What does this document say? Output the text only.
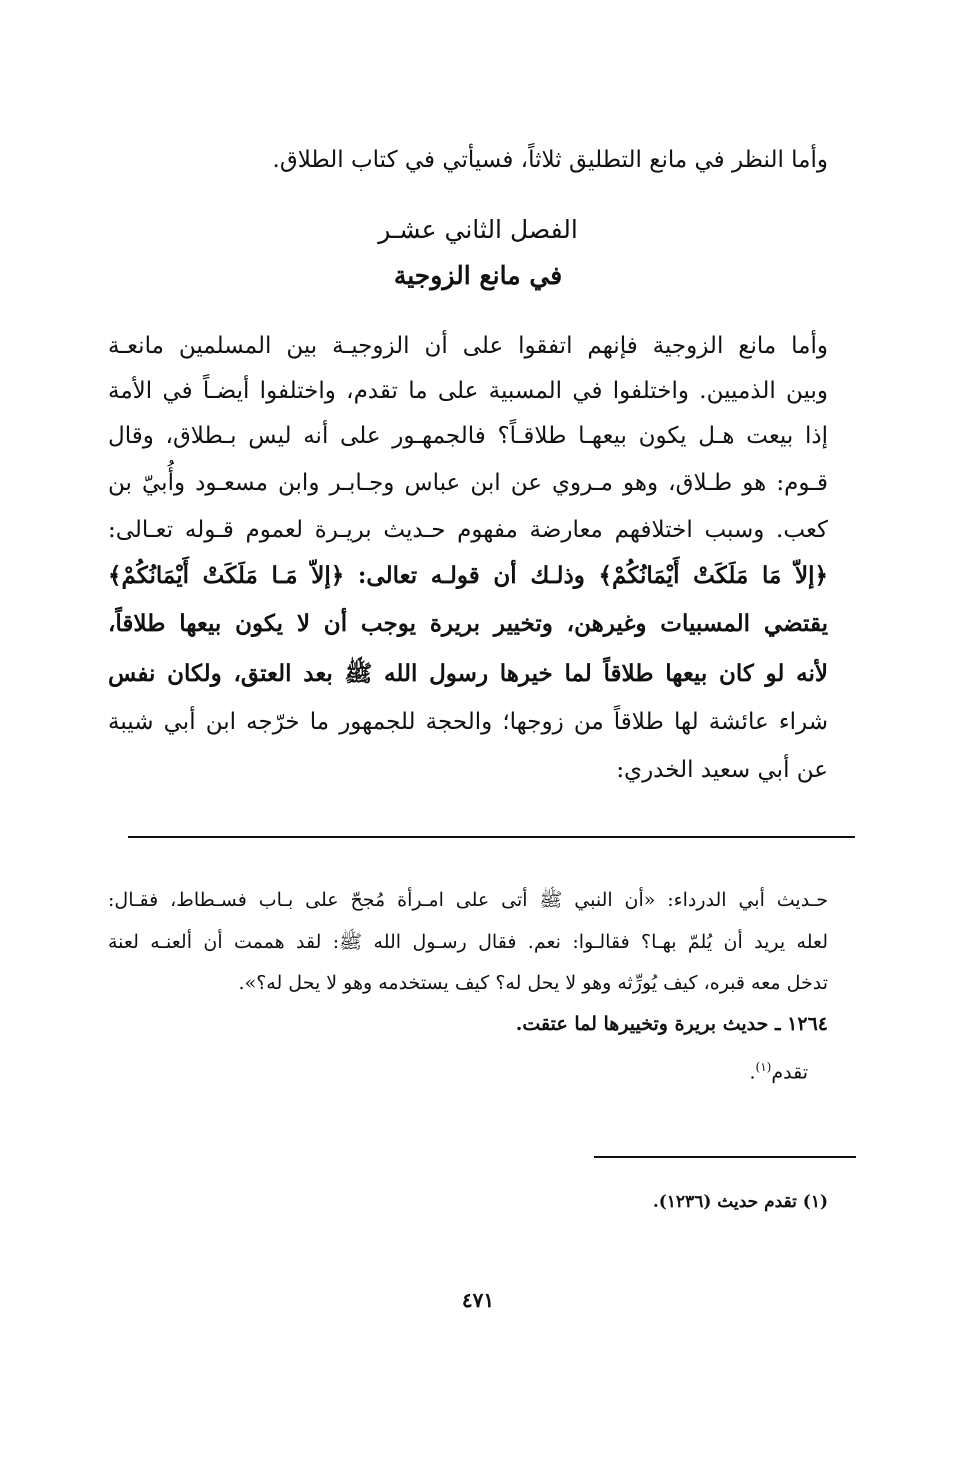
وأما النظر في مانع التطليق ثلاثاً، فسيأتي في كتاب الطلاق.
الفصل الثاني عشـر
في مانع الزوجية
وأما مانع الزوجية فإنهم اتفقوا على أن الزوجيـة بين المسلمين مانعـة
وبين الذميين. واختلفوا في المسبية على ما تقدم، واختلفوا أيضـاً في الأمة
إذا بيعت هـل يكون بيعهـا طلاقـاً؟ فالجمهـور على أنه ليس بـطلاق، وقال
قـوم: هو طـلاق، وهو مـروي عن ابن عباس وجـابـر وابن مسعـود وأُبيّ بن
كعب. وسبب اختلافهم معارضة مفهوم حـديث بريـرة لعموم قـوله تعـالى:
﴿إلاّ مَا مَلَكَتْ أَيْمَانُكُمْ﴾ وذلـك أن قولـه تعالى: ﴿إلاّ مَـا مَلَكَتْ أَيْمَانُكُمْ﴾
يقتضي المسبيات وغيرهن، وتخيير بريرة يوجب أن لا يكون بيعها طلاقاً،
لأنه لو كان بيعها طلاقاً لما خيرها رسول الله ﷺ بعد العتق، ولكان نفس
شراء عائشة لها طلاقاً من زوجها؛ والحجة للجمهور ما خرّجه ابن أبي شيبة
عن أبي سعيد الخدري:
حـديث أبي الدرداء: «أن النبي ﷺ أتى على امـرأة مُجحّ على بـاب فسـطاط، فقـال:
لعله يريد أن يُلمّ بهـا؟ فقالـوا: نعم. فقال رسـول الله ﷺ: لقد هممت أن ألعنـه لعنة
تدخل معه قبره، كيف يُورِّثه وهو لا يحل له؟ كيف يستخدمه وهو لا يحل له؟».
١٢٦٤ ـ حديث بريرة وتخييرها لما عتقت.
تقدم$^{(١)}$.
(١) تقدم حديث (١٢٣٦).
٤٧١
